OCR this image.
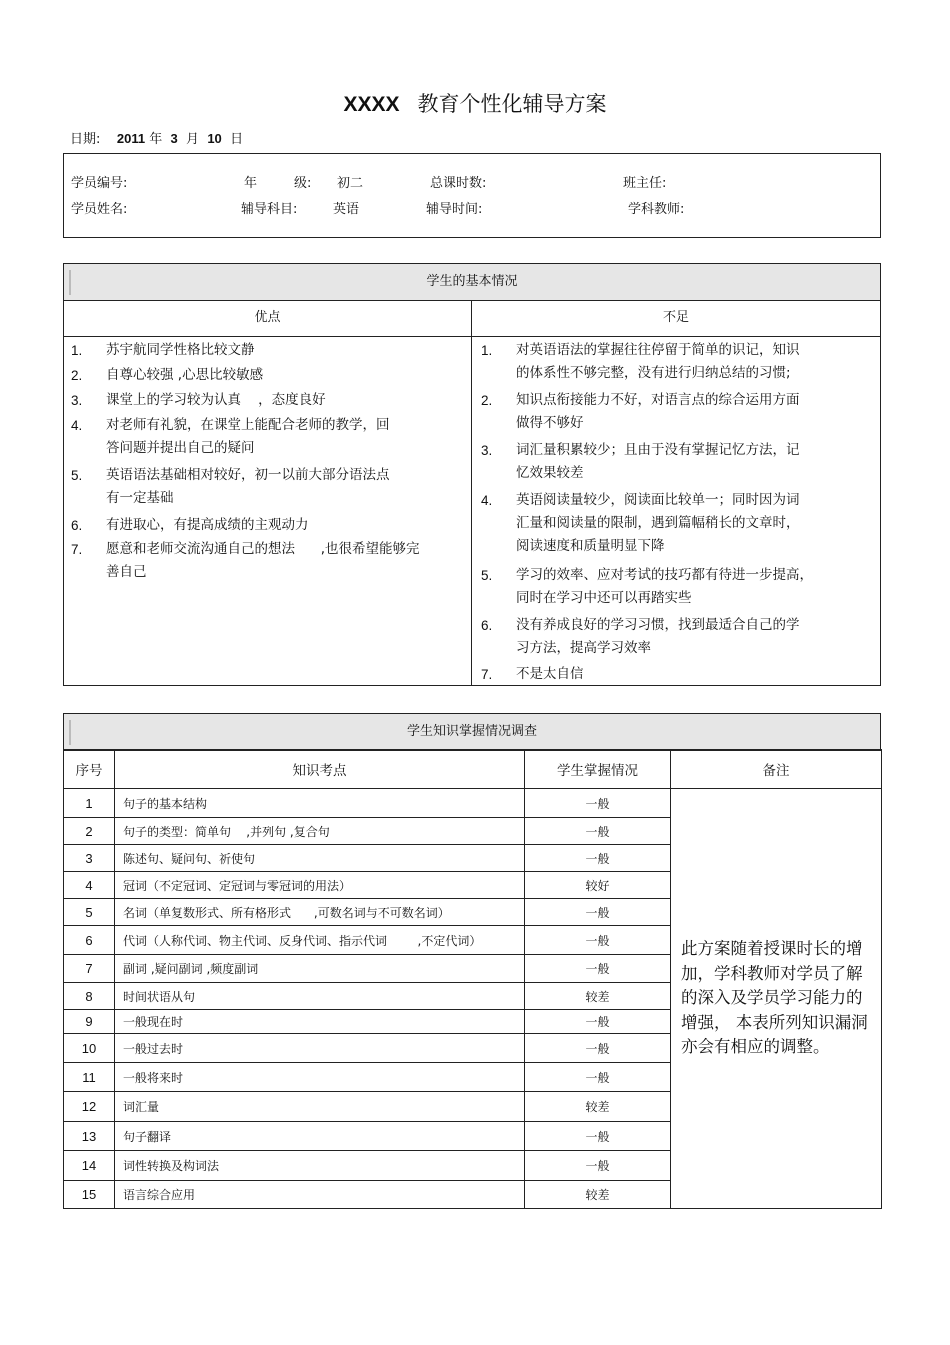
XXXX 教育个性化辅导方案
日期: 2011 年 3 月 10 日
学员编号:	年	级: 初二	总课时数:	班主任:
学员姓名:	辅导科目:	英语	辅导时间:	学科教师:
学生的基本情况
优点	不足
1. 苏宇航同学性格比较文静
2. 自尊心较强 ,心思比较敏感
3. 课堂上的学习较为认真    ，态度良好
4. 对老师有礼貌，在课堂上能配合老师的教学，回
答问题并提出自己的疑问
5. 英语语法基础相对较好，初一以前大部分语法点
有一定基础
6. 有进取心，有提高成绩的主观动力
7. 愿意和老师交流沟通自己的想法      ,也很希望能够完
善自己
1. 对英语语法的掌握往往停留于简单的识记，知识
的体系性不够完整，没有进行归纳总结的习惯;
2. 知识点衔接能力不好，对语言点的综合运用方面
做得不够好
3. 词汇量积累较少；且由于没有掌握记忆方法，记
忆效果较差
4. 英语阅读量较少，阅读面比较单一；同时因为词
汇量和阅读量的限制，遇到篇幅稍长的文章时，
阅读速度和质量明显下降
5. 学习的效率、应对考试的技巧都有待进一步提高，
同时在学习中还可以再踏实些
6. 没有养成良好的学习习惯，找到最适合自己的学
习方法，提高学习效率
7. 不是太自信
学生知识掌握情况调查
序号	知识考点	学生掌握情况	备注
1	句子的基本结构	一般	此方案随着授课时长的增加，学科教师对学员了解的深入及学员学习能力的增强， 本表所列知识漏洞亦会有相应的调整。
2	句子的类型：简单句    ,并列句 ,复合句	一般	
3	陈述句、疑问句、祈使句	一般	
4	冠词（不定冠词、定冠词与零冠词的用法）	较好	
5	名词（单复数形式、所有格形式      ,可数名词与不可数名词）	一般	
6	代词（人称代词、物主代词、反身代词、指示代词        ,不定代词）	一般	
7	副词 ,疑问副词 ,频度副词	一般	
8	时间状语从句	较差	
9	一般现在时	一般	
10	一般过去时	一般	
11	一般将来时	一般	
12	词汇量	较差	
13	句子翻译	一般	
14	词性转换及构词法	一般	
15	语言综合应用	较差	
